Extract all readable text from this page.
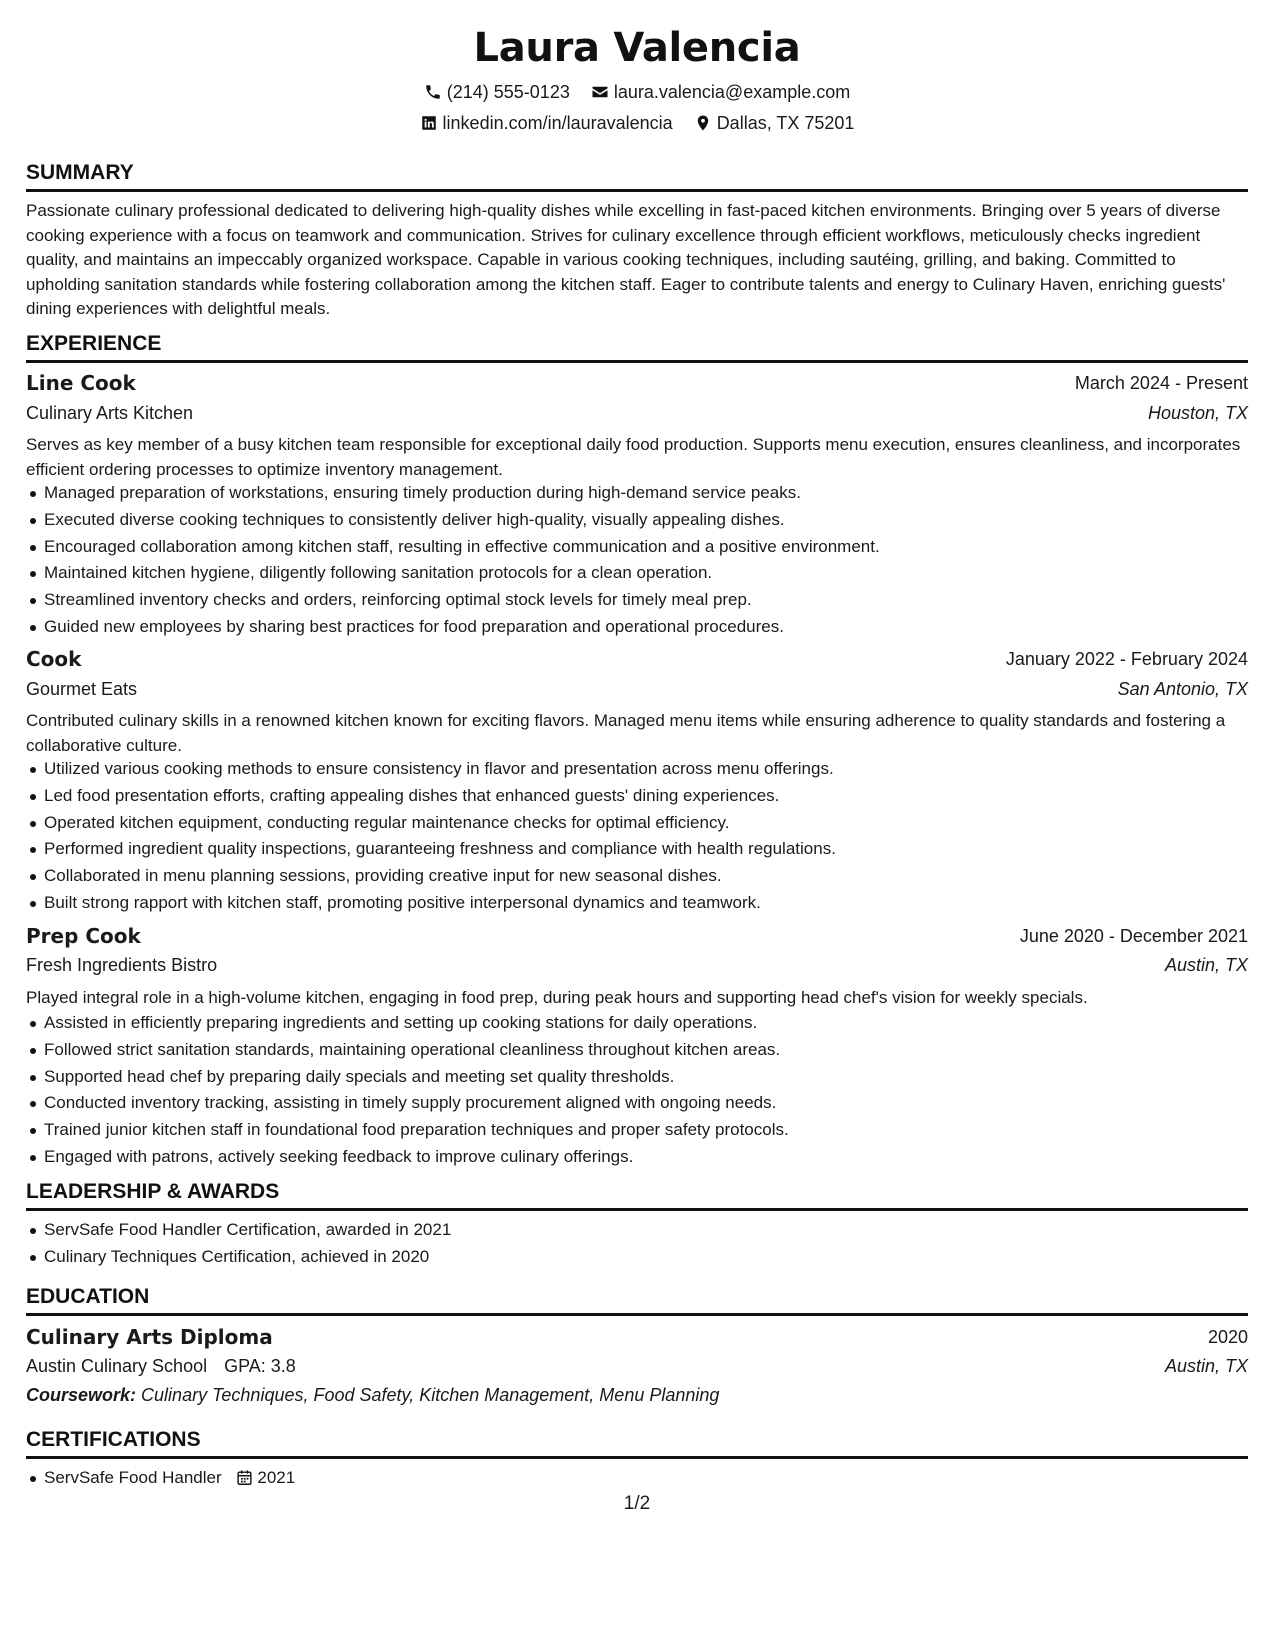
Laura Valencia
(214) 555-0123
laura.valencia@example.com
linkedin.com/in/lauravalencia
Dallas, TX 75201
SUMMARY
Passionate culinary professional dedicated to delivering high-quality dishes while excelling in fast-paced kitchen environments. Bringing over 5 years of diverse cooking experience with a focus on teamwork and communication. Strives for culinary excellence through efficient workflows, meticulously checks ingredient quality, and maintains an impeccably organized workspace. Capable in various cooking techniques, including sautéing, grilling, and baking. Committed to upholding sanitation standards while fostering collaboration among the kitchen staff. Eager to contribute talents and energy to Culinary Haven, enriching guests' dining experiences with delightful meals.
EXPERIENCE
Line Cook	March 2024 - Present
Culinary Arts Kitchen	Houston, TX
Serves as key member of a busy kitchen team responsible for exceptional daily food production. Supports menu execution, ensures cleanliness, and incorporates efficient ordering processes to optimize inventory management.
Managed preparation of workstations, ensuring timely production during high-demand service peaks.
Executed diverse cooking techniques to consistently deliver high-quality, visually appealing dishes.
Encouraged collaboration among kitchen staff, resulting in effective communication and a positive environment.
Maintained kitchen hygiene, diligently following sanitation protocols for a clean operation.
Streamlined inventory checks and orders, reinforcing optimal stock levels for timely meal prep.
Guided new employees by sharing best practices for food preparation and operational procedures.
Cook	January 2022 - February 2024
Gourmet Eats	San Antonio, TX
Contributed culinary skills in a renowned kitchen known for exciting flavors. Managed menu items while ensuring adherence to quality standards and fostering a collaborative culture.
Utilized various cooking methods to ensure consistency in flavor and presentation across menu offerings.
Led food presentation efforts, crafting appealing dishes that enhanced guests' dining experiences.
Operated kitchen equipment, conducting regular maintenance checks for optimal efficiency.
Performed ingredient quality inspections, guaranteeing freshness and compliance with health regulations.
Collaborated in menu planning sessions, providing creative input for new seasonal dishes.
Built strong rapport with kitchen staff, promoting positive interpersonal dynamics and teamwork.
Prep Cook	June 2020 - December 2021
Fresh Ingredients Bistro	Austin, TX
Played integral role in a high-volume kitchen, engaging in food prep, during peak hours and supporting head chef's vision for weekly specials.
Assisted in efficiently preparing ingredients and setting up cooking stations for daily operations.
Followed strict sanitation standards, maintaining operational cleanliness throughout kitchen areas.
Supported head chef by preparing daily specials and meeting set quality thresholds.
Conducted inventory tracking, assisting in timely supply procurement aligned with ongoing needs.
Trained junior kitchen staff in foundational food preparation techniques and proper safety protocols.
Engaged with patrons, actively seeking feedback to improve culinary offerings.
LEADERSHIP & AWARDS
ServSafe Food Handler Certification, awarded in 2021
Culinary Techniques Certification, achieved in 2020
EDUCATION
Culinary Arts Diploma	2020
Austin Culinary School GPA: 3.8	Austin, TX
Coursework: Culinary Techniques, Food Safety, Kitchen Management, Menu Planning
CERTIFICATIONS
ServSafe Food Handler 2021
1/2
